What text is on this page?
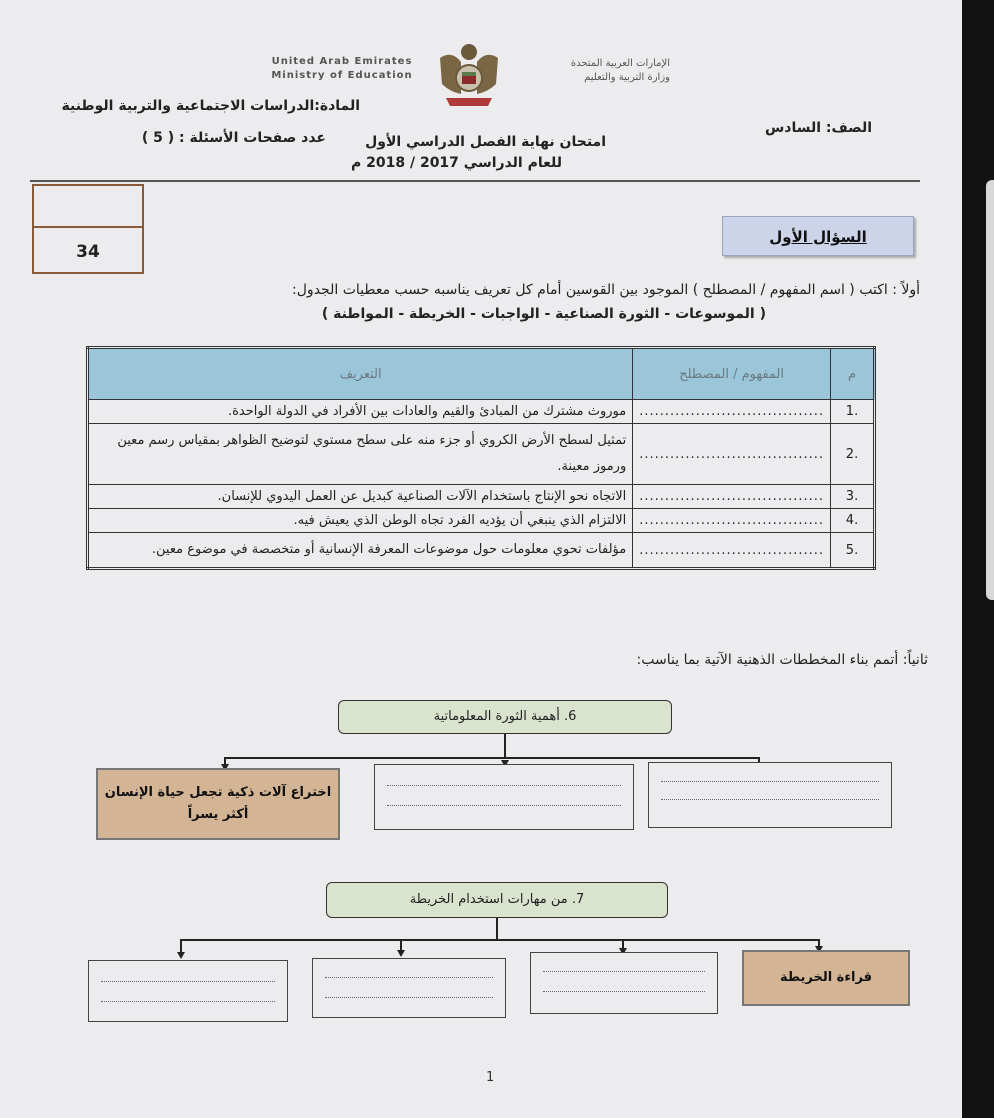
United Arab Emirates
Ministry of Education
الإمارات العربية المتحدة
وزارة التربية والتعليم
المادة:الدراسات الاجتماعية والتربية الوطنية
الصف: السادس
امتحان نهاية الفصل الدراسي الأول
عدد صفحات الأسئلة : ( 5 )
للعام الدراسي 2017 / 2018 م
34
السؤال الأول
أولاً : اكتب ( اسم المفهوم / المصطلح ) الموجود بين القوسين أمام كل تعريف يناسبه حسب معطيات الجدول:
( الموسوعات - الثورة الصناعية - الواجبات - الخريطة - المواطنة )
م	المفهوم / المصطلح	التعريف
.1	....................................	موروث مشترك من المبادئ والقيم والعادات بين الأفراد في الدولة الواحدة.
.2	....................................	تمثيل لسطح الأرض الكروي أو جزء منه على سطح مستوي لتوضيح الظواهر بمقياس رسم معين ورموز معينة.
.3	....................................	الاتجاه نحو الإنتاج باستخدام الآلات الصناعية كبديل عن العمل اليدوي للإنسان.
.4	....................................	الالتزام الذي ينبغي أن يؤديه الفرد تجاه الوطن الذي يعيش فيه.
.5	....................................	مؤلفات تحوي معلومات حول موضوعات المعرفة الإنسانية أو متخصصة في موضوع معين.
ثانياً: أتمم بناء المخططات الذهنية الآتية بما يناسب:
6. أهمية الثورة المعلوماتية
اختراع آلات ذكية تجعل حياة الإنسان أكثر يسراً
7. من مهارات استخدام الخريطة
قراءة الخريطة
1
